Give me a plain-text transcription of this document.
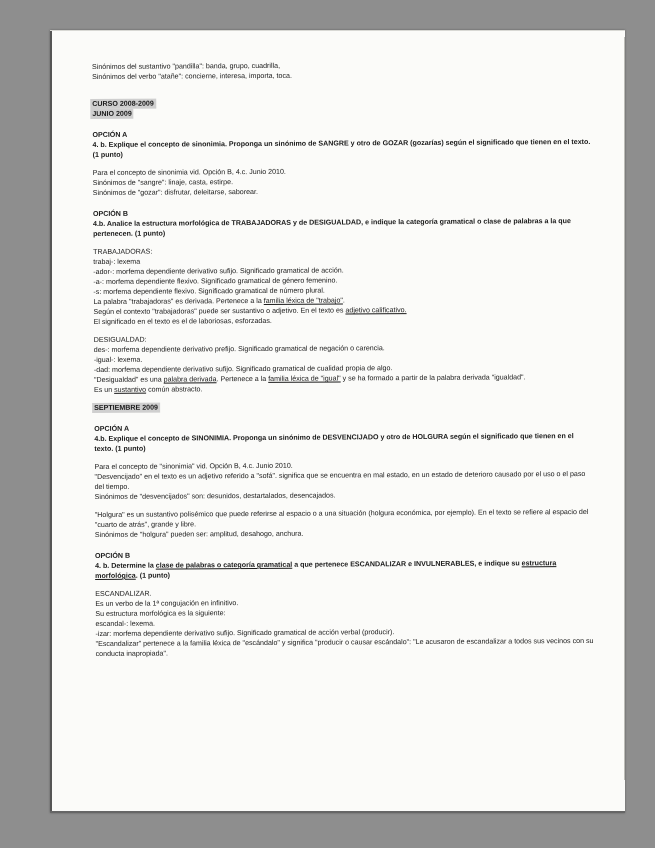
Sinónimos del sustantivo "pandilla": banda, grupo, cuadrilla,
Sinónimos del verbo "atañe": concierne, interesa, importa, toca.
CURSO 2008-2009
JUNIO 2009
OPCIÓN A
4. b. Explique el concepto de sinonimia. Proponga un sinónimo de SANGRE y otro de GOZAR (gozarías) según el significado que tienen en el texto. (1 punto)
Para el concepto de sinonimia vid. Opción B, 4.c. Junio 2010.
Sinónimos de "sangre": linaje, casta, estirpe.
Sinónimos de "gozar": disfrutar, deleitarse, saborear.
OPCIÓN B
4.b. Analice la estructura morfológica de TRABAJADORAS y de DESIGUALDAD, e indique la categoría gramatical o clase de palabras a la que pertenecen. (1 punto)
TRABAJADORAS:
trabaj-: lexema
-ador-: morfema dependiente derivativo sufijo. Significado gramatical de acción.
-a-: morfema dependiente flexivo. Significado gramatical de género femenino.
-s: morfema dependiente flexivo. Significado gramatical de número plural.
La palabra "trabajadoras" es derivada. Pertenece a la familia léxica de "trabajo".
Según el contexto "trabajadoras" puede ser sustantivo o adjetivo. En el texto es adjetivo calificativo.
El significado en el texto es el de laboriosas, esforzadas.
DESIGUALDAD:
des-: morfema dependiente derivativo prefijo. Significado gramatical de negación o carencia.
-igual-: lexema.
-dad: morfema dependiente derivativo sufijo. Significado gramatical de cualidad propia de algo.
"Desigualdad" es una palabra derivada. Pertenece a la familia léxica de "igual" y se ha formado a partir de la palabra derivada "igualdad".
Es un sustantivo común abstracto.
SEPTIEMBRE 2009
OPCIÓN A
4.b. Explique el concepto de SINONIMIA. Proponga un sinónimo de DESVENCIJADO y otro de HOLGURA según el significado que tienen en el texto. (1 punto)
Para el concepto de "sinonimia" vid. Opción B, 4.c. Junio 2010.
"Desvencijado" en el texto es un adjetivo referido a "sofá". significa que se encuentra en mal estado, en un estado de deterioro causado por el uso o el paso del tiempo.
Sinónimos de "desvencijados" son: desunidos, destartalados, desencajados.
"Holgura" es un sustantivo polisémico que puede referirse al espacio o a una situación (holgura económica, por ejemplo). En el texto se refiere al espacio del "cuarto de atrás", grande y libre.
Sinónimos de "holgura" pueden ser: amplitud, desahogo, anchura.
OPCIÓN B
4. b. Determine la clase de palabras o categoría gramatical a que pertenece ESCANDALIZAR e INVULNERABLES, e indique su estructura morfológica. (1 punto)
ESCANDALIZAR.
Es un verbo de la 1ª congujación en infinitivo.
Su estructura morfológica es la siguiente:
escandal-: lexema.
-izar: morfema dependiente derivativo sufijo. Significado gramatical de acción verbal (producir).
"Escandalizar" pertenece a la familia léxica de "escándalo" y significa "producir o causar escándalo": "Le acusaron de escandalizar a todos sus vecinos con su conducta inapropiada".
